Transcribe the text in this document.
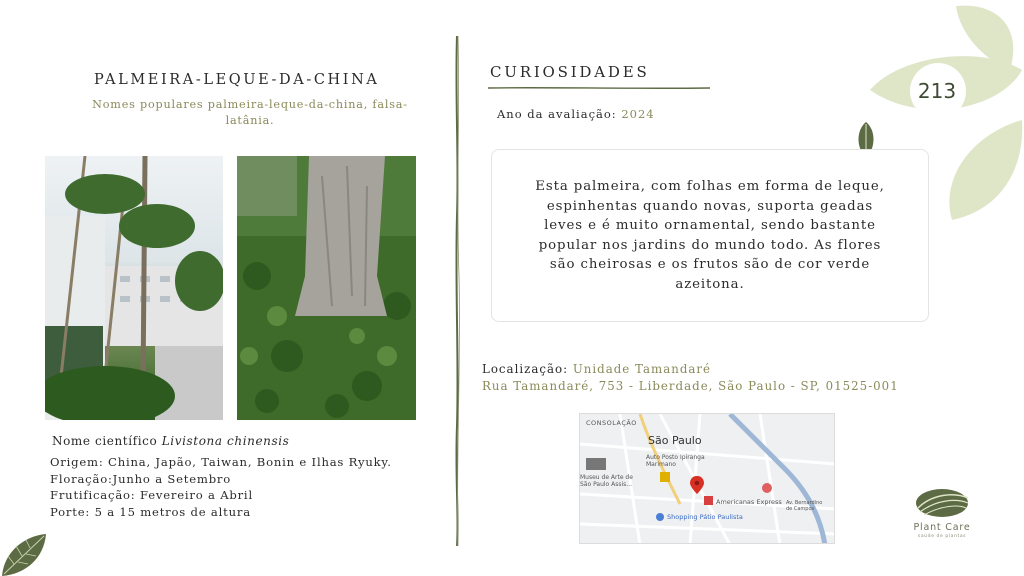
213
PALMEIRA-LEQUE-DA-CHINA
Nomes populares palmeira-leque-da-china, falsa-latânia.
Nome científico Livistona chinensis
Origem: China, Japão, Taiwan, Bonin e Ilhas Ryuky.
Floração:Junho a Setembro
Frutificação: Fevereiro a Abril
Porte: 5 a 15 metros de altura
CURIOSIDADES
Ano da avaliação: 2024
Esta palmeira, com folhas em forma de leque, espinhentas quando novas, suporta geadas leves e é muito ornamental, sendo bastante popular nos jardins do mundo todo. As flores são cheirosas e os frutos são de cor verde azeitona.
Localização: Unidade Tamandaré
Rua Tamandaré, 753 - Liberdade, São Paulo - SP, 01525-001
CONSOLAÇÃO
São Paulo
Auto Posto Ipiranga Marimano
Americanas Express
Shopping Pátio Paulista
Museu de Arte de São Paulo Assis...
Av. Bernardino de Campos
Plant Care
saúde de plantas
